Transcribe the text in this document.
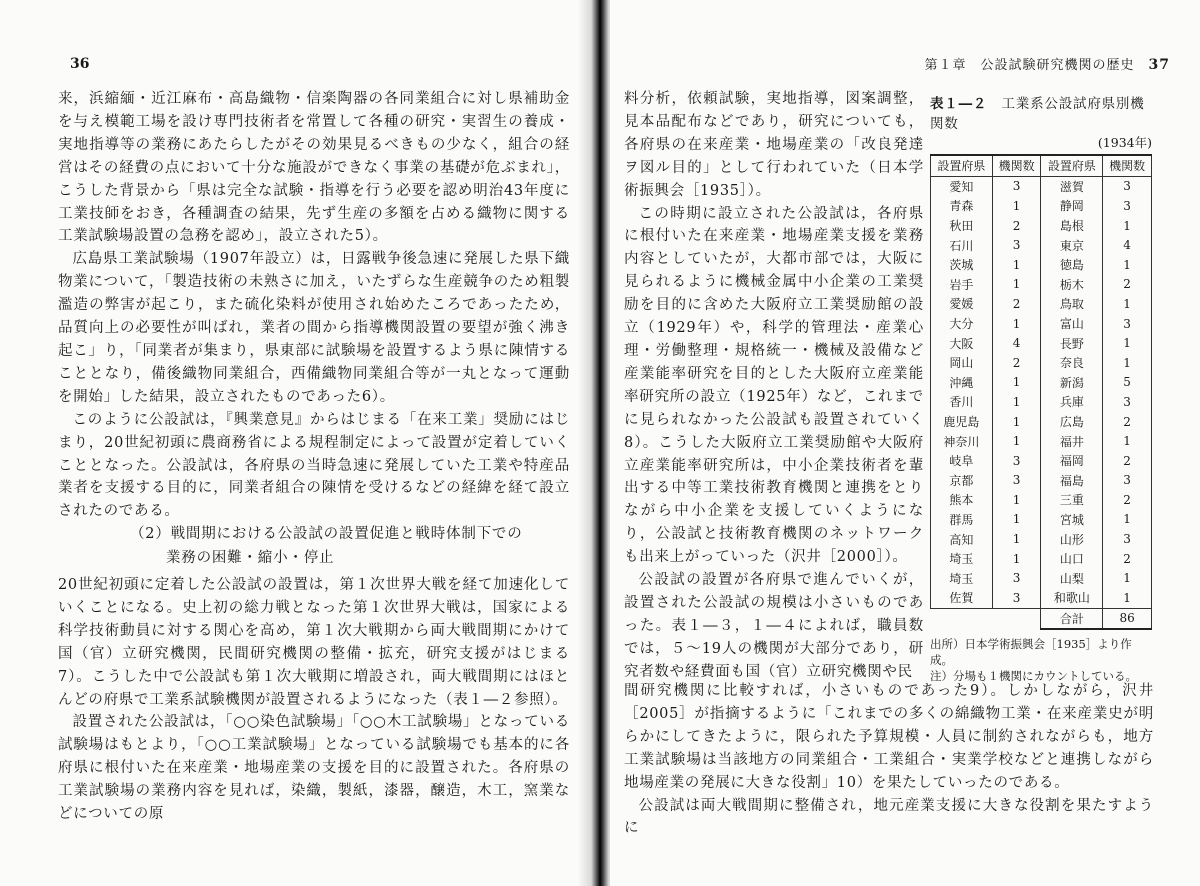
36

来，浜縮緬・近江麻布・高島織物・信楽陶器の各同業組合に対し県補助金を与え模範工場を設け専門技術者を常置して各種の研究・実習生の養成・実地指導等の業務にあたらしたがその効果見るべきもの少なく，組合の経営はその経費の点において十分な施設ができなく事業の基礎が危ぶまれ」，こうした背景から「県は完全な試験・指導を行う必要を認め明治43年度に工業技師をおき，各種調査の結果，先ず生産の多額を占める織物に関する工業試験場設置の急務を認め」，設立された5）。

広島県工業試験場（1907年設立）は，日露戦争後急速に発展した県下織物業について，「製造技術の未熟さに加え，いたずらな生産競争のため粗製濫造の弊害が起こり，また硫化染料が使用され始めたころであったため，品質向上の必要性が叫ばれ，業者の間から指導機関設置の要望が強く沸き起こ」り，「同業者が集まり，県東部に試験場を設置するよう県に陳情することとなり，備後織物同業組合，西備織物同業組合等が一丸となって運動を開始」した結果，設立されたものであった6）。

このように公設試は，『興業意見』からはじまる「在来工業」奨励にはじまり，20世紀初頭に農商務省による規程制定によって設置が定着していくこととなった。公設試は，各府県の当時急速に発展していた工業や特産品業者を支援する目的に，同業者組合の陳情を受けるなどの経緯を経て設立されたのである。

（2）戦間期における公設試の設置促進と戦時体制下での
業務の困難・縮小・停止

20世紀初頭に定着した公設試の設置は，第１次世界大戦を経て加速化していくことになる。史上初の総力戦となった第１次世界大戦は，国家による科学技術動員に対する関心を高め，第１次大戦期から両大戦間期にかけて国（官）立研究機関，民間研究機関の整備・拡充，研究支援がはじまる7）。こうした中で公設試も第１次大戦期に増設され，両大戦間期にはほとんどの府県で工業系試験機関が設置されるようになった（表１―２参照）。

設置された公設試は，「○○染色試験場」「○○木工試験場」となっている試験場はもとより，「○○工業試験場」となっている試験場でも基本的に各府県に根付いた在来産業・地場産業の支援を目的に設置された。各府県の工業試験場の業務内容を見れば，染織，製紙，漆器，醸造，木工，窯業などについての原

第１章　公設試験研究機関の歴史 37

料分析，依頼試験，実地指導，図案調整，見本品配布などであり，研究についても，各府県の在来産業・地場産業の「改良発達ヲ図ル目的」として行われていた（日本学術振興会［1935］）。

この時期に設立された公設試は，各府県に根付いた在来産業・地場産業支援を業務内容としていたが，大都市部では，大阪に見られるように機械金属中小企業の工業奨励を目的に含めた大阪府立工業奨励館の設立（1929年）や，科学的管理法・産業心理・労働整理・規格統一・機械及設備など産業能率研究を目的とした大阪府立産業能率研究所の設立（1925年）など，これまでに見られなかった公設試も設置されていく8）。こうした大阪府立工業奨励館や大阪府立産業能率研究所は，中小企業技術者を輩出する中等工業技術教育機関と連携をとりながら中小企業を支援していくようになり，公設試と技術教育機関のネットワークも出来上がっていった（沢井［2000］）。

公設試の設置が各府県で進んでいくが，設置された公設試の規模は小さいものであった。表１―３，１―４によれば，職員数では，５～19人の機関が大部分であり，研究者数や経費面も国（官）立研究機関や民

表１―２　 工業系公設試府県別機関数
(1934年)
設置府県	機関数	設置府県	機関数
愛知	3	滋賀	3
青森	1	静岡	3
秋田	2	島根	1
石川	3	東京	4
茨城	1	徳島	1
岩手	1	栃木	2
愛媛	2	鳥取	1
大分	1	富山	3
大阪	4	長野	1
岡山	2	奈良	1
沖縄	1	新潟	5
香川	1	兵庫	3
鹿児島	1	広島	2
神奈川	1	福井	1
岐阜	3	福岡	2
京都	3	福島	3
熊本	1	三重	2
群馬	1	宮城	1
高知	1	山形	3
埼玉	1	山口	2
埼玉	3	山梨	1
佐賀	3	和歌山	1
		合計	86
出所）日本学術振興会［1935］より作成。
注）分場も１機関にカウントしている。

間研究機関に比較すれば，小さいものであった9）。しかしながら，沢井［2005］が指摘するように「これまでの多くの綿織物工業・在来産業史が明らかにしてきたように，限られた予算規模・人員に制約されながらも，地方工業試験場は当該地方の同業組合・工業組合・実業学校などと連携しながら地場産業の発展に大きな役割」10）を果たしていったのである。

公設試は両大戦間期に整備され，地元産業支援に大きな役割を果たすように
